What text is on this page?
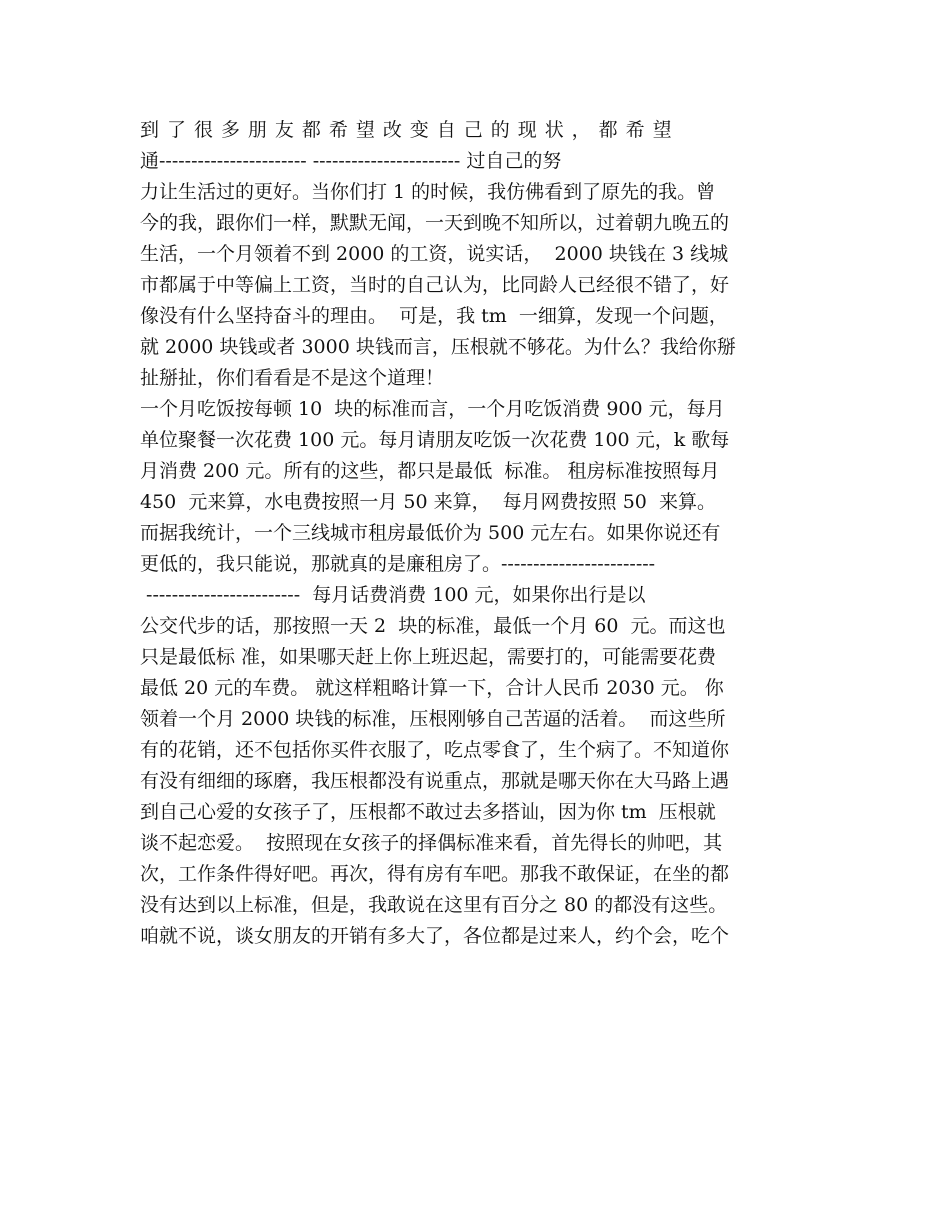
到了很多朋友都希望改变自己的现状，都希望
通----------------------- ----------------------- 过自己的努
力让生活过的更好。当你们打 1 的时候，我仿佛看到了原先的我。曾
今的我，跟你们一样，默默无闻，一天到晚不知所以，过着朝九晚五的
生活，一个月领着不到 2000 的工资，说实话，  2000 块钱在 3 线城
市都属于中等偏上工资，当时的自己认为，比同龄人已经很不错了，好
像没有什么坚持奋斗的理由。  可是，我 tm  一细算，发现一个问题，
就 2000 块钱或者 3000 块钱而言，压根就不够花。为什么？我给你掰
扯掰扯，你们看看是不是这个道理！
一个月吃饭按每顿 10  块的标准而言，一个月吃饭消费 900 元，每月
单位聚餐一次花费 100 元。每月请朋友吃饭一次花费 100 元，k 歌每
月消费 200 元。所有的这些，都只是最低  标准。 租房标准按照每月
450  元来算，水电费按照一月 50 来算，  每月网费按照 50  来算。
而据我统计，一个三线城市租房最低价为 500 元左右。如果你说还有
更低的，我只能说，那就真的是廉租房了。------------------------
------------------------  每月话费消费 100 元，如果你出行是以
公交代步的话，那按照一天 2  块的标准，最低一个月 60  元。而这也
只是最低标 准，如果哪天赶上你上班迟起，需要打的，可能需要花费
最低 20 元的车费。 就这样粗略计算一下，合计人民币 2030 元。 你
领着一个月 2000 块钱的标准，压根刚够自己苦逼的活着。  而这些所
有的花销，还不包括你买件衣服了，吃点零食了，生个病了。不知道你
有没有细细的琢磨，我压根都没有说重点，那就是哪天你在大马路上遇
到自己心爱的女孩子了，压根都不敢过去多搭讪，因为你 tm  压根就
谈不起恋爱。  按照现在女孩子的择偶标准来看，首先得长的帅吧，其
次，工作条件得好吧。再次，得有房有车吧。那我不敢保证，在坐的都
没有达到以上标准，但是，我敢说在这里有百分之 80 的都没有这些。
咱就不说，谈女朋友的开销有多大了，各位都是过来人，约个会，吃个
